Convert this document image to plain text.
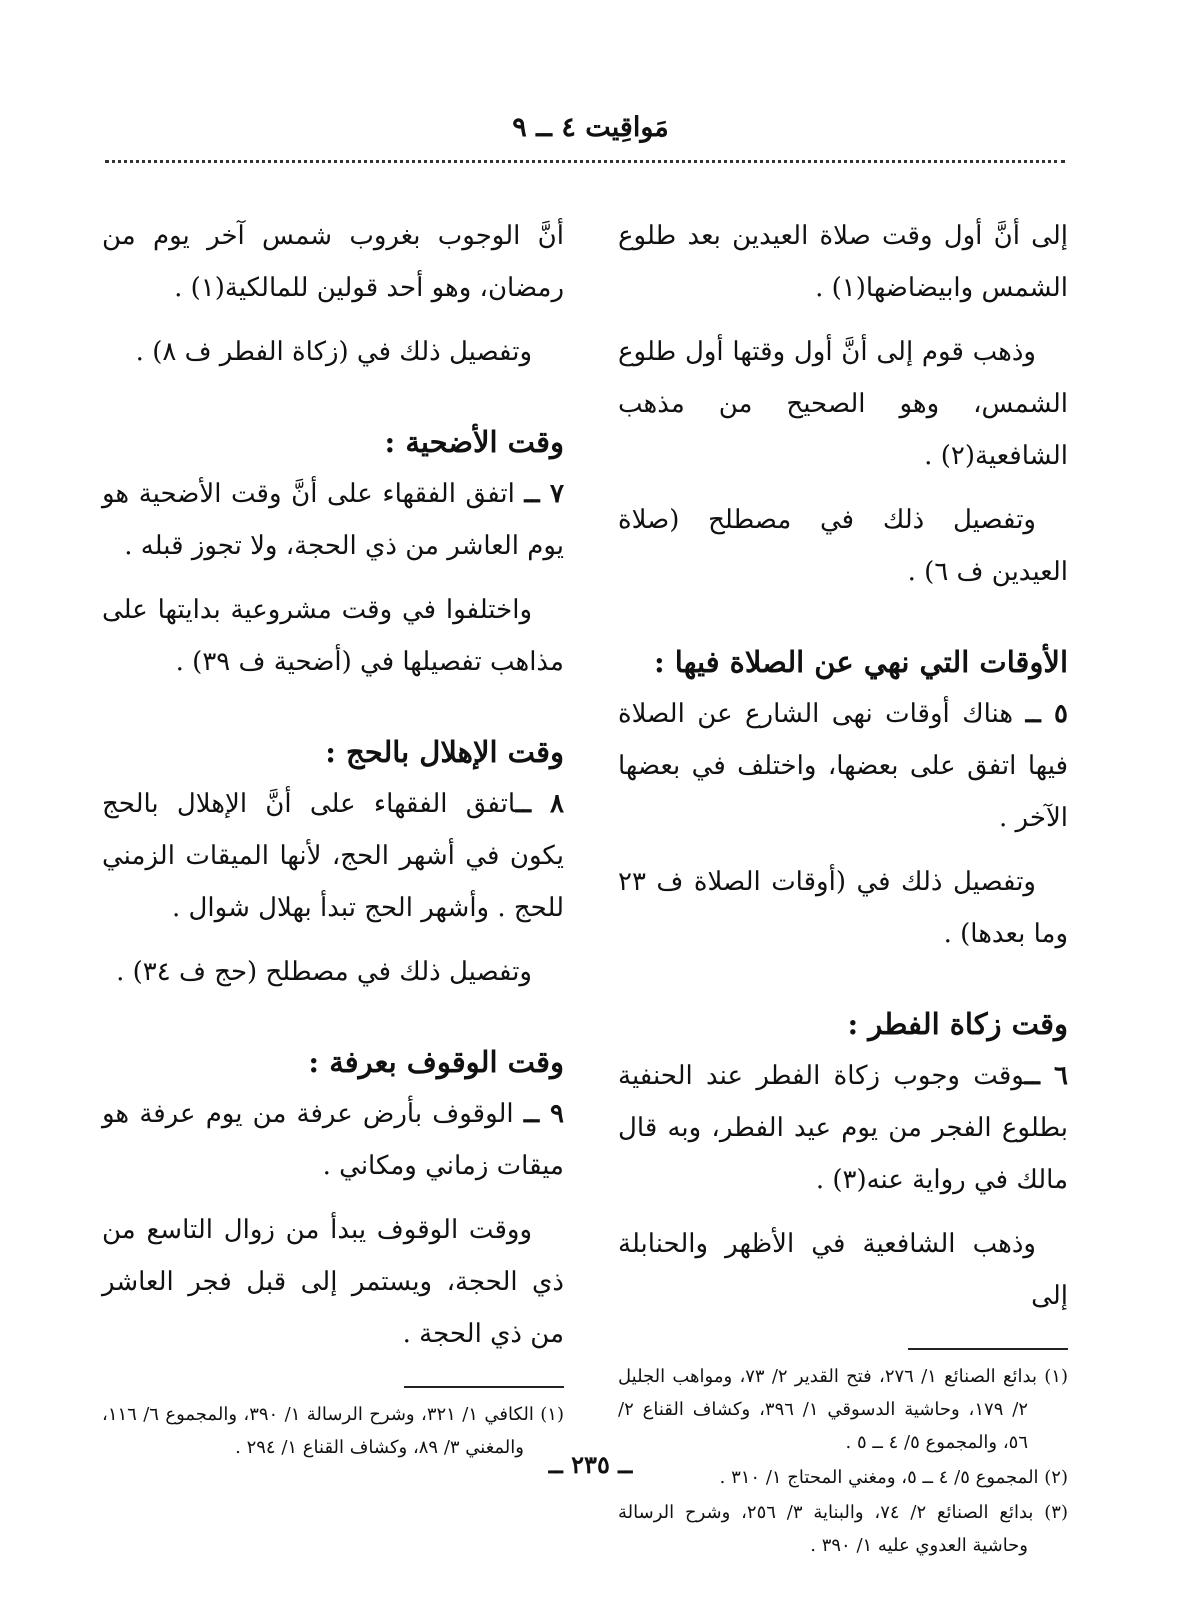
مَواقِيت ٤ ــ ٩

إلى أنَّ أول وقت صلاة العيدين بعد طلوع الشمس وابيضاضها(١) .

وذهب قوم إلى أنَّ أول وقتها أول طلوع الشمس، وهو الصحيح من مذهب الشافعية(٢) .

وتفصيل ذلك في مصطلح (صلاة العيدين ف ٦) .

الأوقات التي نهي عن الصلاة فيها :

٥ ــ هناك أوقات نهى الشارع عن الصلاة فيها اتفق على بعضها، واختلف في بعضها الآخر .

وتفصيل ذلك في (أوقات الصلاة ف ٢٣ وما بعدها) .

وقت زكاة الفطر :

٦ ــوقت وجوب زكاة الفطر عند الحنفية بطلوع الفجر من يوم عيد الفطر، وبه قال مالك في رواية عنه(٣) .

وذهب الشافعية في الأظهر والحنابلة إلى

(١) بدائع الصنائع ١/ ٢٧٦، فتح القدير ٢/ ٧٣، ومواهب الجليل ٢/ ١٧٩، وحاشية الدسوقي ١/ ٣٩٦، وكشاف القناع ٢/ ٥٦، والمجموع ٥/ ٤ ــ ٥ .

(٢) المجموع ٥/ ٤ ــ ٥، ومغني المحتاج ١/ ٣١٠ .

(٣) بدائع الصنائع ٢/ ٧٤، والبناية ٣/ ٢٥٦، وشرح الرسالة وحاشية العدوي عليه ١/ ٣٩٠ .

أنَّ الوجوب بغروب شمس آخر يوم من رمضان، وهو أحد قولين للمالكية(١) .

وتفصيل ذلك في (زكاة الفطر ف ٨) .

وقت الأضحية :

٧ ــ اتفق الفقهاء على أنَّ وقت الأضحية هو يوم العاشر من ذي الحجة، ولا تجوز قبله .

واختلفوا في وقت مشروعية بدايتها على مذاهب تفصيلها في (أضحية ف ٣٩) .

وقت الإهلال بالحج :

٨ ــاتفق الفقهاء على أنَّ الإهلال بالحج يكون في أشهر الحج، لأنها الميقات الزمني للحج . وأشهر الحج تبدأ بهلال شوال .

وتفصيل ذلك في مصطلح (حج ف ٣٤) .

وقت الوقوف بعرفة :

٩ ــ الوقوف بأرض عرفة من يوم عرفة هو ميقات زماني ومكاني .

ووقت الوقوف يبدأ من زوال التاسع من ذي الحجة، ويستمر إلى قبل فجر العاشر من ذي الحجة .

(١) الكافي ١/ ٣٢١، وشرح الرسالة ١/ ٣٩٠، والمجموع ٦/ ١١٦، والمغني ٣/ ٨٩، وكشاف القناع ١/ ٢٩٤ .

ــ ٢٣٥ ــ
